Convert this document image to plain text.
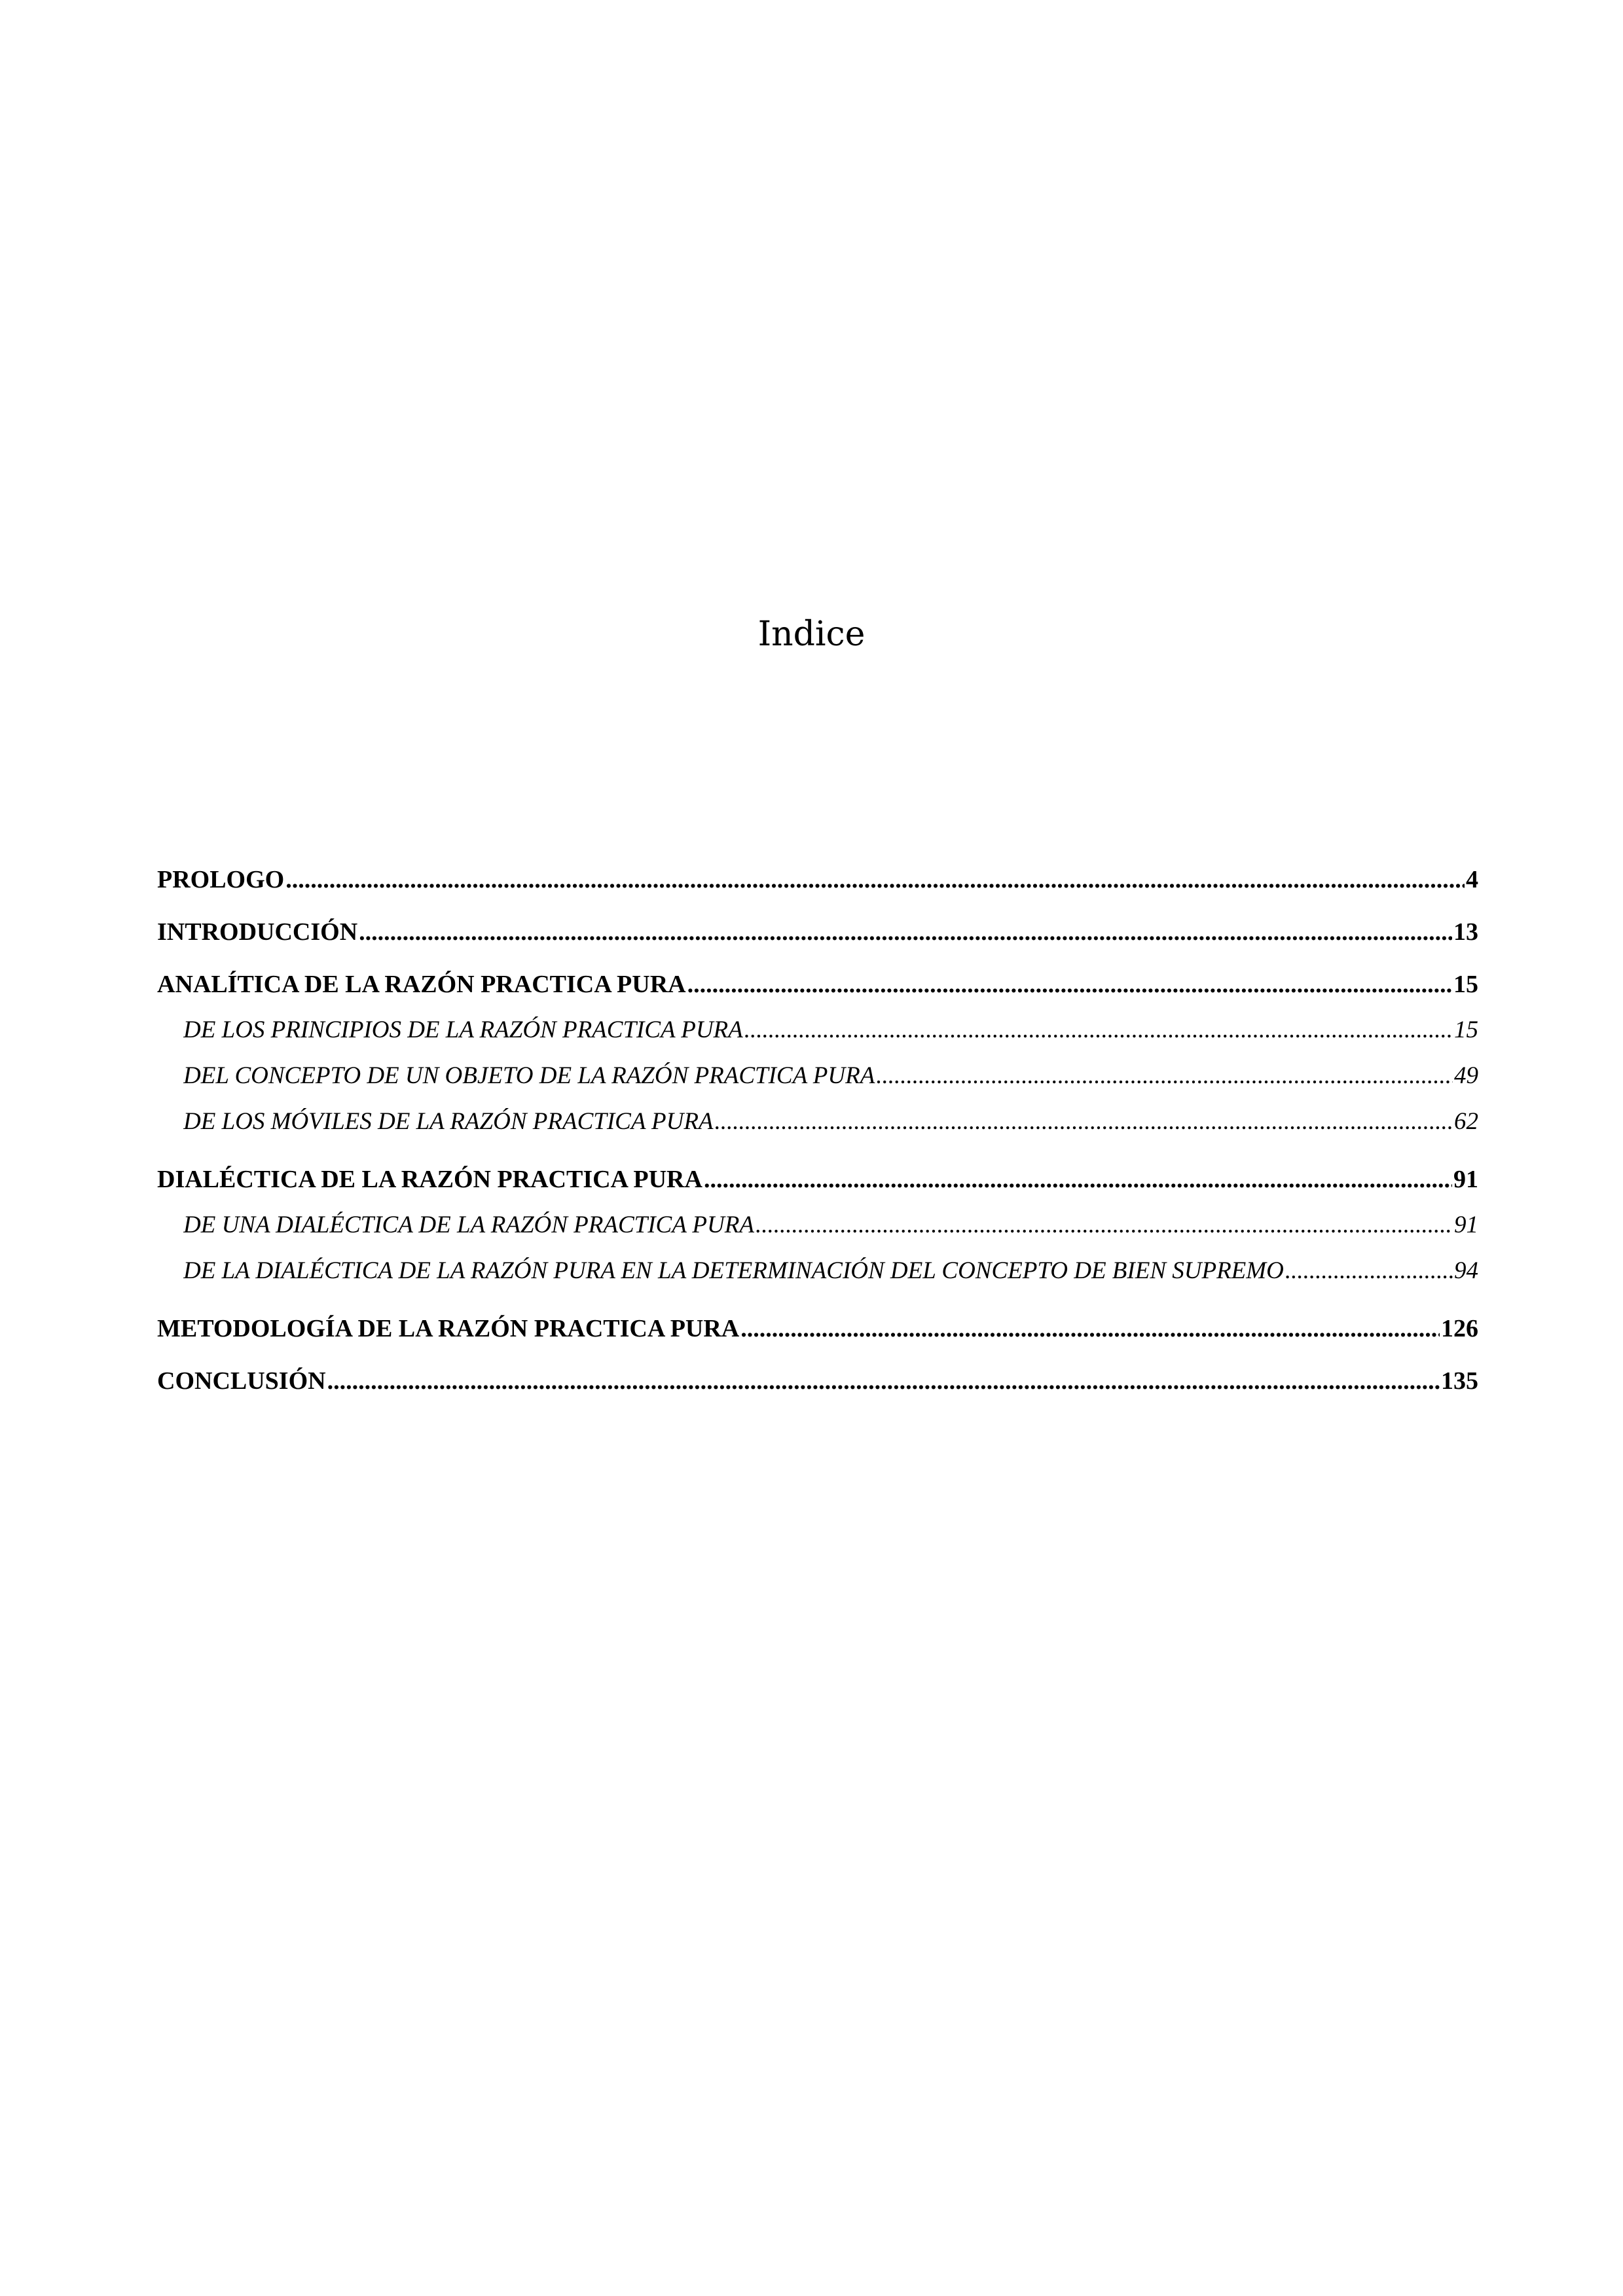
Indice
PROLOGO .....	4
INTRODUCCIÓN .....	13
ANALÍTICA DE LA RAZÓN PRACTICA PURA .....	15
DE LOS PRINCIPIOS DE LA RAZÓN PRACTICA PURA .....	15
DEL CONCEPTO DE UN OBJETO DE LA RAZÓN PRACTICA PURA .....	49
DE LOS MÓVILES DE LA RAZÓN PRACTICA PURA .....	62
DIALÉCTICA DE LA RAZÓN PRACTICA PURA .....	91
DE UNA DIALÉCTICA DE LA RAZÓN PRACTICA PURA .....	91
DE LA DIALÉCTICA DE LA RAZÓN PURA EN LA DETERMINACIÓN DEL CONCEPTO DE BIEN SUPREMO .....	94
METODOLOGÍA DE LA RAZÓN PRACTICA PURA .....	126
CONCLUSIÓN .....	135
